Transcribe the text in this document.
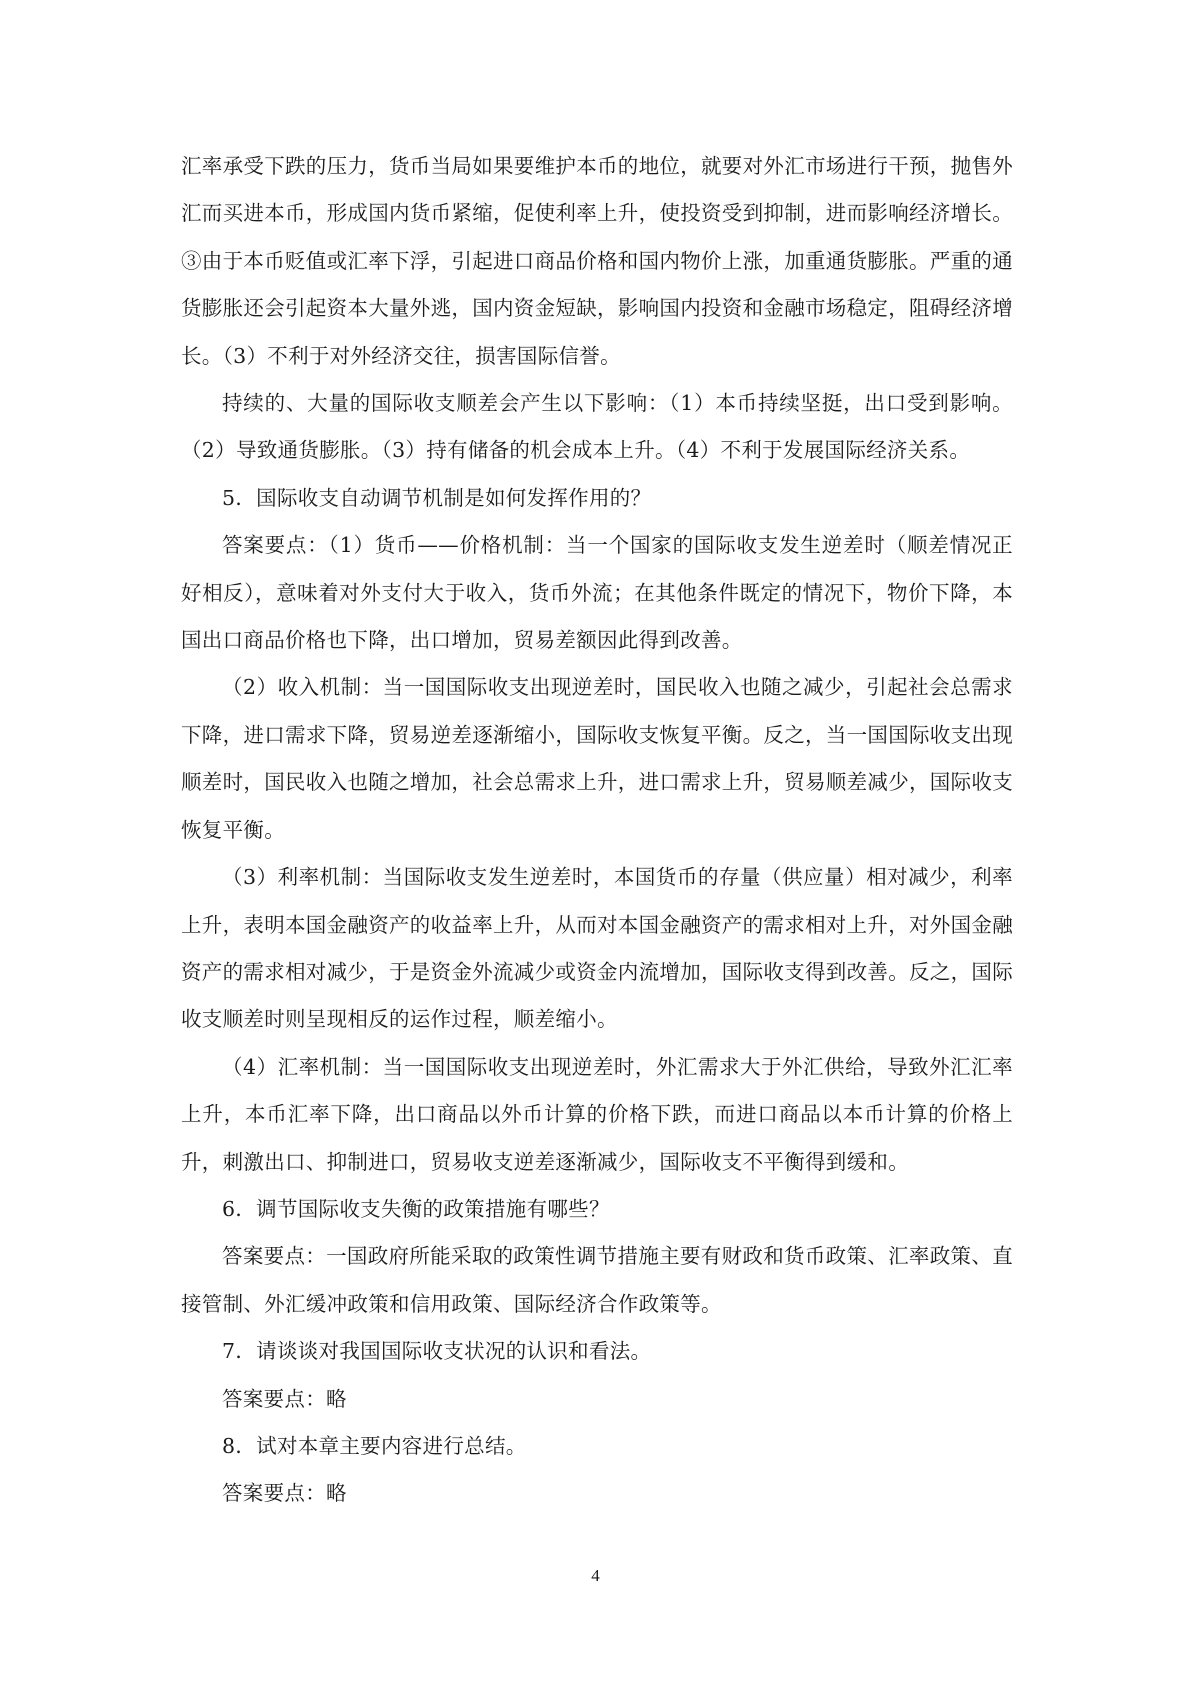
汇率承受下跌的压力，货币当局如果要维护本币的地位，就要对外汇市场进行干预，抛售外汇而买进本币，形成国内货币紧缩，促使利率上升，使投资受到抑制，进而影响经济增长。③由于本币贬值或汇率下浮，引起进口商品价格和国内物价上涨，加重通货膨胀。严重的通货膨胀还会引起资本大量外逃，国内资金短缺，影响国内投资和金融市场稳定，阻碍经济增长。（3）不利于对外经济交往，损害国际信誉。

持续的、大量的国际收支顺差会产生以下影响：（1）本币持续坚挺，出口受到影响。（2）导致通货膨胀。（3）持有储备的机会成本上升。（4）不利于发展国际经济关系。

5．国际收支自动调节机制是如何发挥作用的？

答案要点：（1）货币——价格机制：当一个国家的国际收支发生逆差时（顺差情况正好相反），意味着对外支付大于收入，货币外流；在其他条件既定的情况下，物价下降，本国出口商品价格也下降，出口增加，贸易差额因此得到改善。

（2）收入机制：当一国国际收支出现逆差时，国民收入也随之减少，引起社会总需求下降，进口需求下降，贸易逆差逐渐缩小，国际收支恢复平衡。反之，当一国国际收支出现顺差时，国民收入也随之增加，社会总需求上升，进口需求上升，贸易顺差减少，国际收支恢复平衡。

（3）利率机制：当国际收支发生逆差时，本国货币的存量（供应量）相对减少，利率上升，表明本国金融资产的收益率上升，从而对本国金融资产的需求相对上升，对外国金融资产的需求相对减少，于是资金外流减少或资金内流增加，国际收支得到改善。反之，国际收支顺差时则呈现相反的运作过程，顺差缩小。

（4）汇率机制：当一国国际收支出现逆差时，外汇需求大于外汇供给，导致外汇汇率上升，本币汇率下降，出口商品以外币计算的价格下跌，而进口商品以本币计算的价格上升，刺激出口、抑制进口，贸易收支逆差逐渐减少，国际收支不平衡得到缓和。

6．调节国际收支失衡的政策措施有哪些？

答案要点：一国政府所能采取的政策性调节措施主要有财政和货币政策、汇率政策、直接管制、外汇缓冲政策和信用政策、国际经济合作政策等。

7．请谈谈对我国国际收支状况的认识和看法。

答案要点：略

8．试对本章主要内容进行总结。

答案要点：略

4
